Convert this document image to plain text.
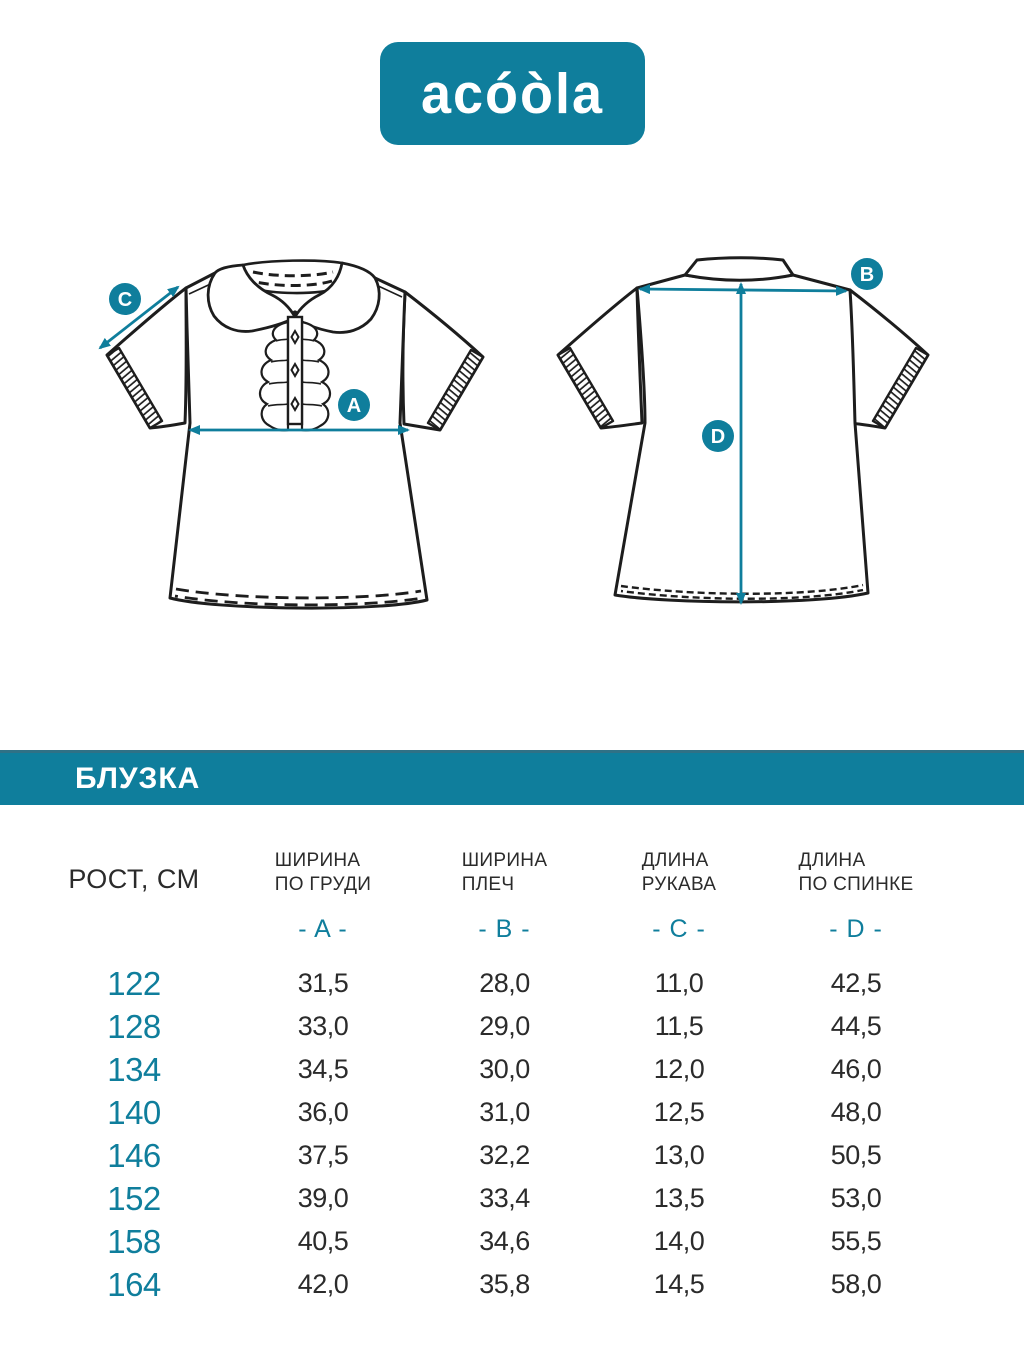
acóòla
C
A
B
D
БЛУЗКА
РОСТ, СМ
ШИРИНА
ПО ГРУДИ
ШИРИНА
ПЛЕЧ
ДЛИНА
РУКАВА
ДЛИНА
ПО СПИНКЕ
- A -	- B -	- C -	- D -
122	31,5	28,0	11,0	42,5
128	33,0	29,0	11,5	44,5
134	34,5	30,0	12,0	46,0
140	36,0	31,0	12,5	48,0
146	37,5	32,2	13,0	50,5
152	39,0	33,4	13,5	53,0
158	40,5	34,6	14,0	55,5
164	42,0	35,8	14,5	58,0
